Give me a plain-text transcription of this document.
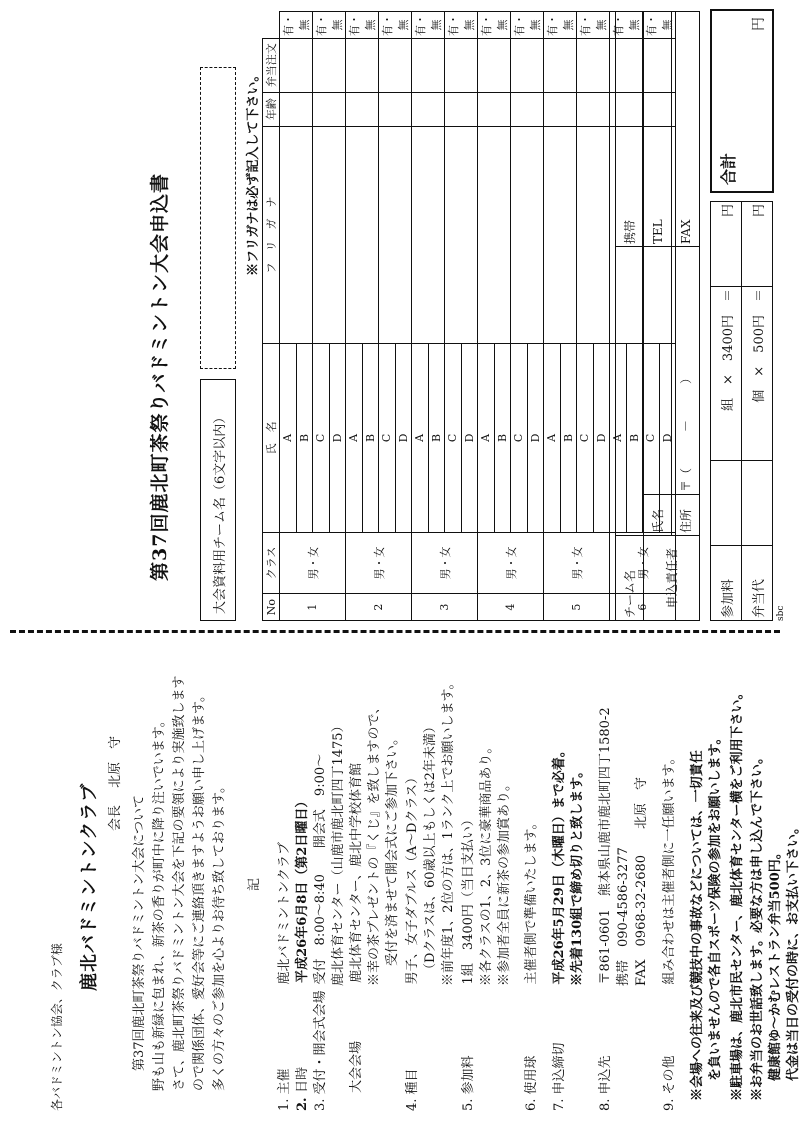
各バドミントン協会、クラブ様
鹿北バドミントンクラブ 会長　 北原　守
第37回鹿北町茶祭りバドミントン大会について 野も山も新緑に包まれ、新茶の香りが町中に降り注いでいます。 さて、鹿北町茶祭りバドミントン大会を下記の要領により実施致します ので関係団体、愛好会等にご連絡頂きますようお願い申し上げます。 多くの方々のご参加を心よりお待ち致しております。 記
1. 主催鹿北バドミントンクラブ
2. 日時平成26年6月8日（第2日曜日）
3. 受付・開会式会場受付　8:00～8:40　　開会式　9:00～ 鹿北体育センター（山鹿市鹿北町四丁1475）
大会会場鹿北体育センター、鹿北中学校体育館 ※幸の茶プレゼントの『くじ』を致しますので、 受付を済ませて開会式にご参加下さい。
4. 種目男子、女子ダブルス（A～Dクラス） （Dクラスは、60歳以上もしくは2年未満） ※前年度1、2位の方は、1ランク上でお願いします。
5. 参加料1組　3400円（当日支払い） ※各クラスの1、2、3位に豪華商品あり。 ※参加者全員に新茶の参加賞あり。
6. 使用球主催者側で準備いたします。
7. 申込締切平成26年5月29日（木曜日）まで必着。 ※先着130組で締め切りと致します。
8. 申込先〒861-0601　熊本県山鹿市鹿北町四丁1580-2 携帯　090-4586-3277 FAX　0968-32-2680　　北原　守
9. その他組み合わせは主催者側に一任願います。 ※会場への往来及び競技中の事故などについては、一切責任 を負いませんので各自スポーツ保険の参加をお願いします。 ※駐車場は、鹿北市民センター、鹿北体育センター横をご利用下さい。 ※お弁当のお世話致します。必要な方は申し込んで下さい。 健康館ゆ～かむレストラン弁当500円。 代金は当日の受付の時に、お支払い下さい。
第37回鹿北町茶祭りバドミントン大会申込書	大会資料用チーム名（6文字以内）
※フリガナは必ず記入して下さい。
No	クラス	氏　名	フ　リ　ガ　ナ	年齢	弁当注文	
1	男・女	A				有・無
		B				
		C				有・無
		D				
2	男・女	A				有・無
		B				
		C				有・無
		D				
3	男・女	A				有・無
		B				
		C				有・無
		D				
4	男・女	A				有・無
		B				
		C				有・無
		D				
5	男・女	A				有・無
		B				
		C				有・無
		D				
6	男・女	A				有・無
		B				
		C				有・無
		D				
チーム名			携帯
申込責任者	氏名		TEL
	住所	〒（　　　－　　　）	FAX
参加料		組　×　3400円　＝	円
弁当代		個　×　500円　＝	円
合計
円
sbc
